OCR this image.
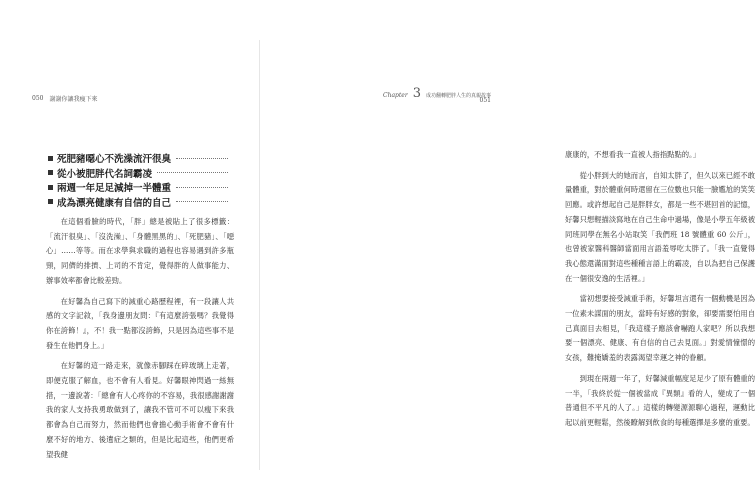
050 謝謝你讓我瘦下來
死肥豬噁心不洗澡流汗很臭
從小被肥胖代名詞霸凌
兩週一年足足減掉一半體重
成為漂亮健康有自信的自己

在這個看臉的時代，「胖」總是被貼上了很多標籤：「流汗很臭」、「沒洗澡」、「身體黑黑的」、「死肥豬」、「噁心」……等等。而在求學與求職的過程也容易遇到許多瓶頸，同儕的排擠、上司的不肯定，覺得胖的人做事能力、辦事效率都會比較差勁。

在好馨為自己寫下的減重心路歷程裡，有一段讓人共感的文字記敘，「我身邊朋友問：『有這麼誇張嗎？我覺得你在誇飾！』，不！我一點都沒誇飾，只是因為這些事不是發生在他們身上。」

在好馨的這一路走來，就像赤腳踩在碎玻璃上走著，即便克服了解血，也不會有人看見。好馨眼神閃過一絲無措，一邊說著：「總會有人心疼你的不容易，我很感謝謝謝我的家人支持我勇敢做到了，讓我不管可不可以瘦下來我都會為自己而努力，然而他們也會擔心動手術會不會有什麼不好的地方、後遺症之類的，但是比起這些，他們更希望我健

Chapter 3 成功翻轉肥胖人生的真親故事
051

康康的，不想看我一直被人指指點點的。」

從小胖到大的她而言，自知太胖了，但久以來已經不敢量體重，對於體重何時還留在三位數也只能一臉尷尬的笑笑回應。或許想起自己是胖胖女，都是一些不堪回首的記憶，好馨只想輕描淡寫地在自己生命中過場，像是小學五年級被同班同學在無名小站取笑「我們班 18 號體重 60 公斤」，也曾被家醫科醫師當面用言語羞辱吃太胖了。「我一直覺得我心態還滿面對這些種種言語上的霸凌，自以為把自己保護在一個很安逸的生活裡。」

當初想要接受減重手術，好馨坦言還有一個動機是因為一位素未謀面的朋友，當時有好感的對象，卻要需要怕用自己真面目去相見，「我這樣子應該會嚇跑人家吧？所以我想要一個漂亮、健康、有自信的自己去見面。」對愛情憧憬的女孩，難掩嬌羞的表露渴望幸運之神的眷顧。

到現在兩週一年了，好馨減重幅度足足少了原有體重的一半，「我終於從一個被當成『異類』看的人，變成了一個普通但不平凡的人了。」這樣的轉變源源聊心過程，運動比起以前更輕鬆，然後瞭解到飲食的每種選擇是多麼的重要。
